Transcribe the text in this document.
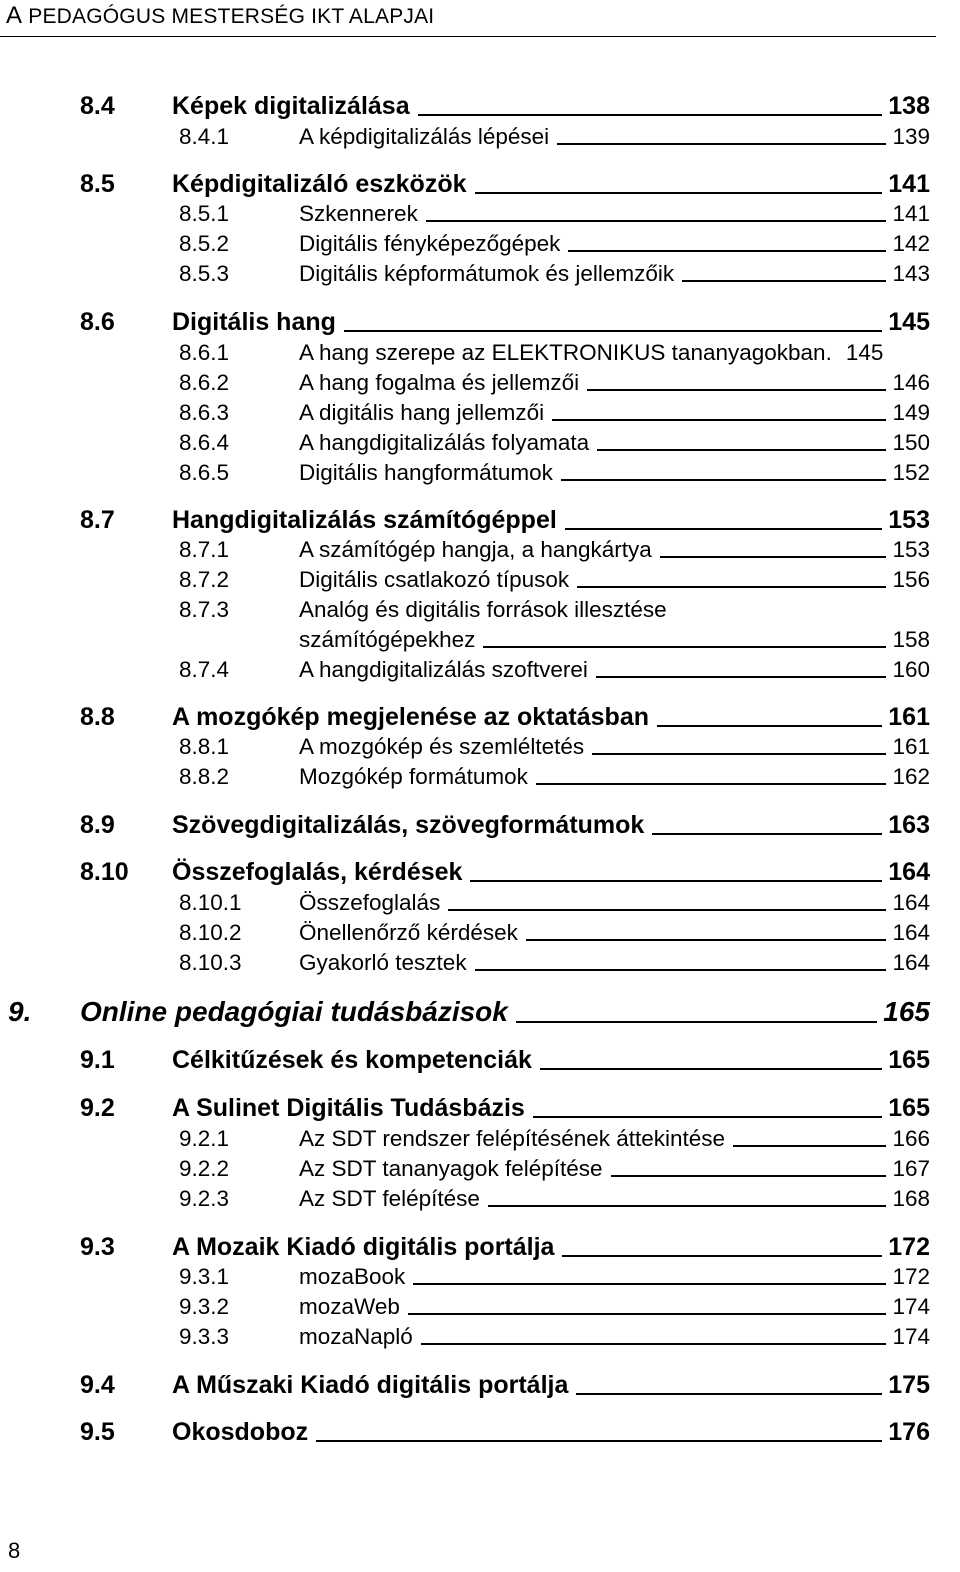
A PEDAGÓGUS MESTERSÉG IKT ALAPJAI
8.4	Képek digitalizálása	138
8.4.1	A képdigitalizálás lépései	139
8.5	Képdigitalizáló eszközök	141
8.5.1	Szkennerek	141
8.5.2	Digitális fényképezőgépek	142
8.5.3	Digitális képformátumok és jellemzőik	143
8.6	Digitális hang	145
8.6.1	A hang szerepe az ELEKTRONIKUS tananyagokban. 145
8.6.2	A hang fogalma és jellemzői	146
8.6.3	A digitális hang jellemzői	149
8.6.4	A hangdigitalizálás folyamata	150
8.6.5	Digitális hangformátumok	152
8.7	Hangdigitalizálás számítógéppel	153
8.7.1	A számítógép hangja, a hangkártya	153
8.7.2	Digitális csatlakozó típusok	156
8.7.3	Analóg és digitális források illesztése
számítógépekhez	158
8.7.4	A hangdigitalizálás szoftverei	160
8.8	A mozgókép megjelenése az oktatásban	161
8.8.1	A mozgókép és szemléltetés	161
8.8.2	Mozgókép formátumok	162
8.9	Szövegdigitalizálás, szövegformátumok	163
8.10	Összefoglalás, kérdések	164
8.10.1	Összefoglalás	164
8.10.2	Önellenőrző kérdések	164
8.10.3	Gyakorló tesztek	164
9.	Online pedagógiai tudásbázisok	165
9.1	Célkitűzések és kompetenciák	165
9.2	A Sulinet Digitális Tudásbázis	165
9.2.1	Az SDT rendszer felépítésének áttekintése	166
9.2.2	Az SDT tananyagok felépítése	167
9.2.3	Az SDT felépítése	168
9.3	A Mozaik Kiadó digitális portálja	172
9.3.1	mozaBook	172
9.3.2	mozaWeb	174
9.3.3	mozaNapló	174
9.4	A Műszaki Kiadó digitális portálja	175
9.5	Okosdoboz	176
8
